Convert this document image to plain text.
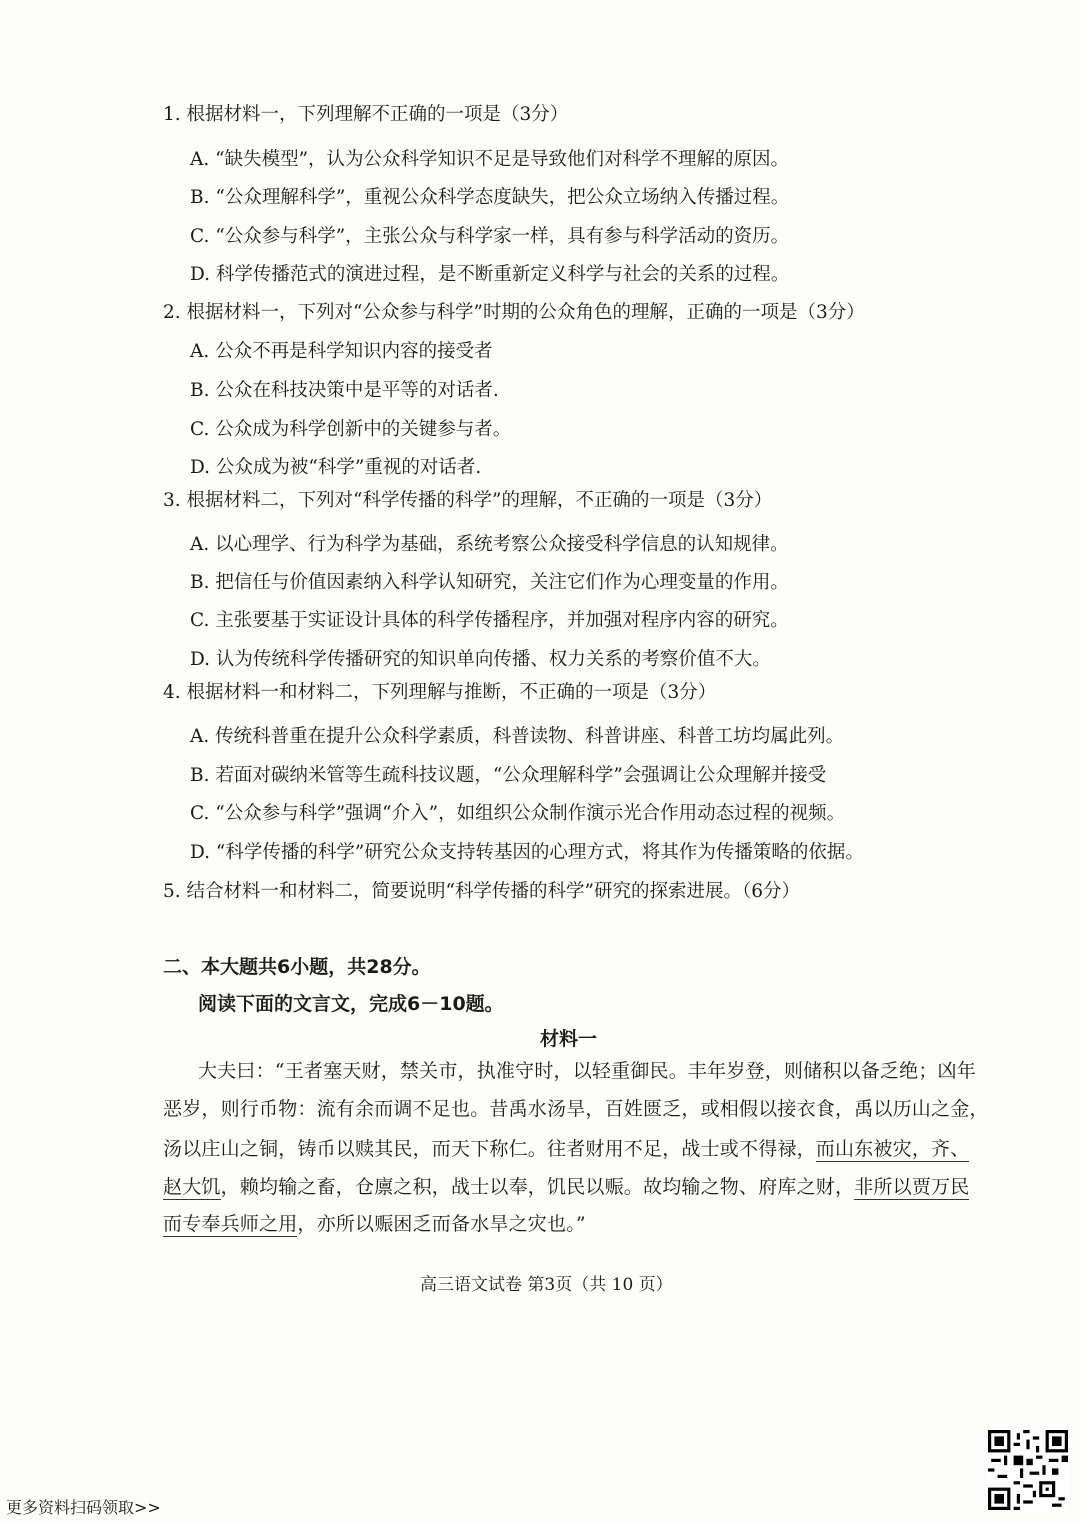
1. 根据材料一，下列理解不正确的一项是（3分）
A. “缺失模型”，认为公众科学知识不足是导致他们对科学不理解的原因。
B. “公众理解科学”，重视公众科学态度缺失，把公众立场纳入传播过程。
C. “公众参与科学”，主张公众与科学家一样，具有参与科学活动的资历。
D. 科学传播范式的演进过程，是不断重新定义科学与社会的关系的过程。
2. 根据材料一，下列对“公众参与科学”时期的公众角色的理解，正确的一项是（3分）
A. 公众不再是科学知识内容的接受者
B. 公众在科技决策中是平等的对话者.
C. 公众成为科学创新中的关键参与者。
D. 公众成为被“科学”重视的对话者.
3. 根据材料二，下列对“科学传播的科学”的理解，不正确的一项是（3分）
A. 以心理学、行为科学为基础，系统考察公众接受科学信息的认知规律。
B. 把信任与价值因素纳入科学认知研究，关注它们作为心理变量的作用。
C. 主张要基于实证设计具体的科学传播程序，并加强对程序内容的研究。
D. 认为传统科学传播研究的知识单向传播、权力关系的考察价值不大。
4. 根据材料一和材料二，下列理解与推断，不正确的一项是（3分）
A. 传统科普重在提升公众科学素质，科普读物、科普讲座、科普工坊均属此列。
B. 若面对碳纳米管等生疏科技议题，“公众理解科学”会强调让公众理解并接受
C. “公众参与科学”强调“介入”，如组织公众制作演示光合作用动态过程的视频。
D. “科学传播的科学”研究公众支持转基因的心理方式，将其作为传播策略的依据。
5. 结合材料一和材料二，简要说明“科学传播的科学”研究的探索进展。（6分）
二、本大题共6小题，共28分。
阅读下面的文言文，完成6－10题。
材料一
大夫曰：“王者塞天财，禁关市，执准守时，以轻重御民。丰年岁登，则储积以备乏绝；凶年
恶岁，则行币物：流有余而调不足也。昔禹水汤旱，百姓匮乏，或相假以接衣食，禹以历山之金，
汤以庄山之铜，铸币以赎其民，而天下称仁。往者财用不足，战士或不得禄，而山东被灾，齐、
赵大饥，赖均输之畜，仓廪之积，战士以奉，饥民以赈。故均输之物、府库之财，非所以贾万民
而专奉兵师之用，亦所以赈困乏而备水旱之灾也。”
高三语文试卷 第3页（共 10 页）
更多资料扫码领取>>
